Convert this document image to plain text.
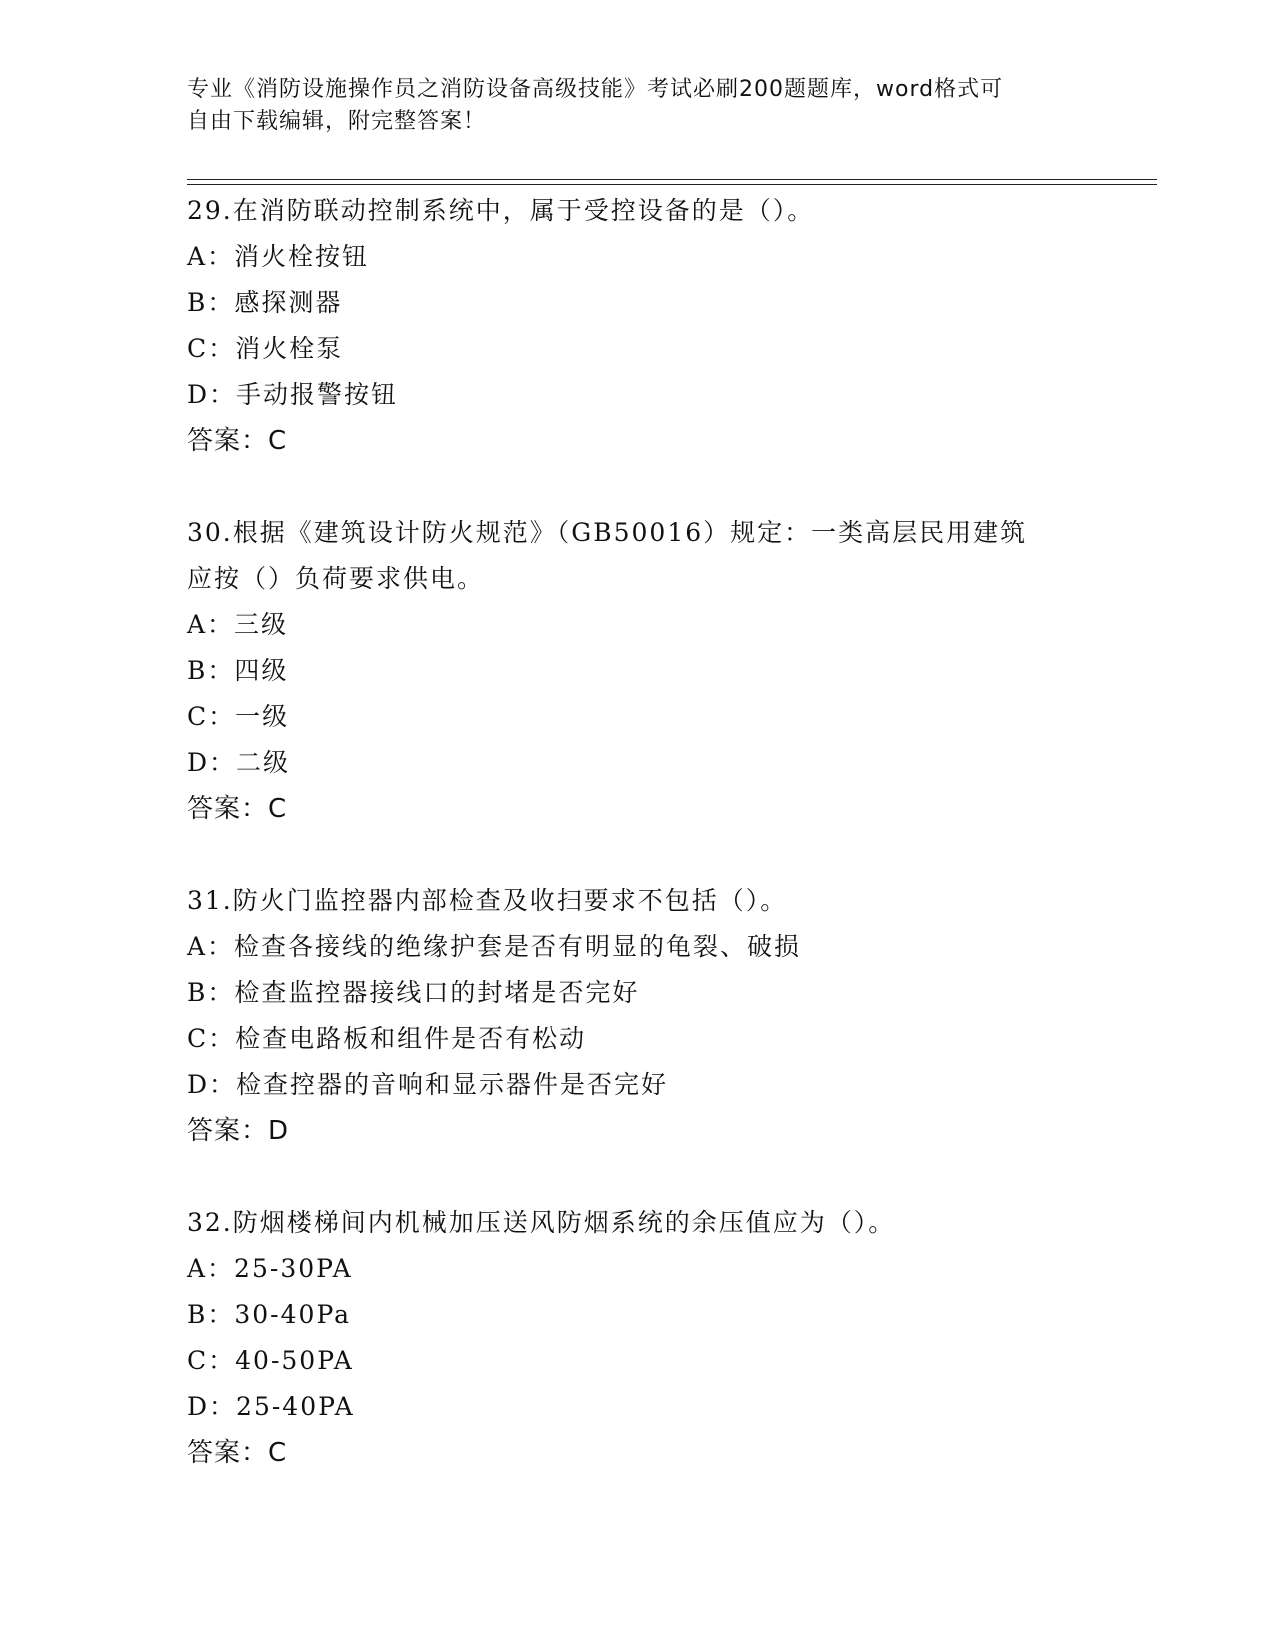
专业《消防设施操作员之消防设备高级技能》考试必刷200题题库，word格式可
自由下载编辑，附完整答案！
29.在消防联动控制系统中，属于受控设备的是（）。
A：消火栓按钮
B：感探测器
C：消火栓泵
D：手动报警按钮
答案：C
30.根据《建筑设计防火规范》（GB50016）规定：一类高层民用建筑
应按（）负荷要求供电。
A：三级
B：四级
C：一级
D：二级
答案：C
31.防火门监控器内部检查及收扫要求不包括（）。
A：检查各接线的绝缘护套是否有明显的龟裂、破损
B：检查监控器接线口的封堵是否完好
C：检查电路板和组件是否有松动
D：检查控器的音响和显示器件是否完好
答案：D
32.防烟楼梯间内机械加压送风防烟系统的余压值应为（）。
A：25-30PA
B：30-40Pa
C：40-50PA
D：25-40PA
答案：C
